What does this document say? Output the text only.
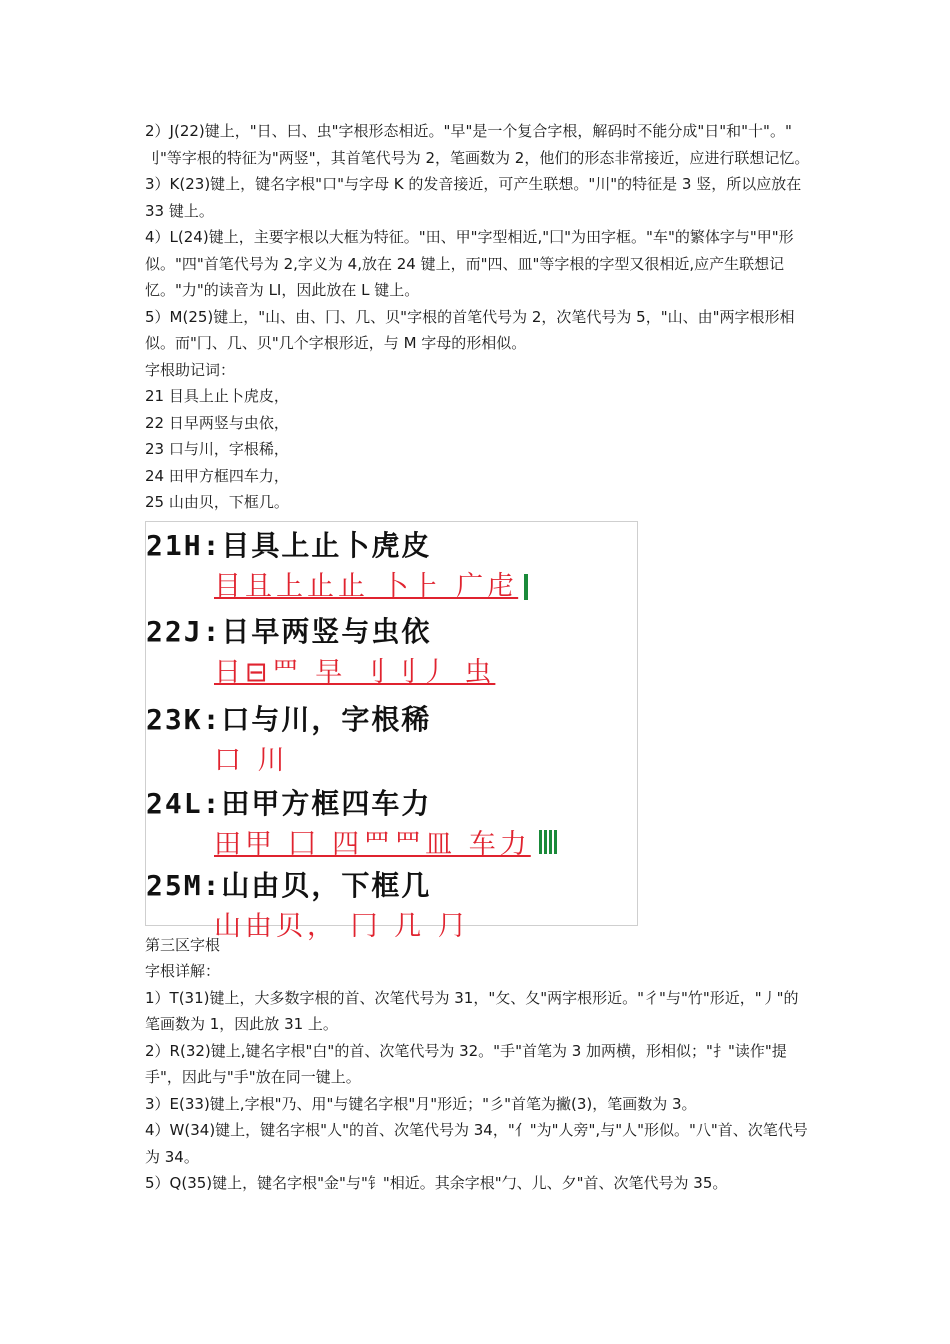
2）J(22)键上，"日、曰、虫"字根形态相近。"早"是一个复合字根，解码时不能分成"日"和"十"。" 刂"等字根的特征为"两竖"，其首笔代号为 2，笔画数为 2，他们的形态非常接近，应进行联想记忆。

3）K(23)键上，键名字根"口"与字母 K 的发音接近，可产生联想。"川"的特征是 3 竖，所以应放在 33 键上。

4）L(24)键上，主要字根以大框为特征。"田、甲"字型相近,"囗"为田字框。"车"的繁体字与"甲"形似。"四"首笔代号为 2,字义为 4,放在 24 键上，而"四、皿"等字根的字型又很相近,应产生联想记忆。"力"的读音为 LI，因此放在 L 键上。

5）M(25)键上，"山、由、冂、几、贝"字根的首笔代号为 2，次笔代号为 5，"山、由"两字根形相似。而"冂、几、贝"几个字根形近，与 M 字母的形相似。

字根助记词：

21 目具上止卜虎皮，

22 日早两竖与虫依，

23 口与川，字根稀，

24 田甲方框四车力，

25 山由贝，下框几。

21H:目具上止卜虎皮
目且上止止 卜⺊ 广虍
22J:日早两竖与虫依
日⊟罒 早 刂刂丿 虫
23K:口与川，字根稀
口 川
24L:田甲方框四车力
田甲 囗 四罒罒皿 车力
25M:山由贝，下框几
山由贝， 冂 几 ⺆

第三区字根

字根详解：

1）T(31)键上，大多数字根的首、次笔代号为 31，"攵、夂"两字根形近。"彳"与"竹"形近，"丿"的笔画数为 1，因此放 31 上。

2）R(32)键上,键名字根"白"的首、次笔代号为 32。"手"首笔为 3 加两横，形相似；"扌"读作"提手"，因此与"手"放在同一键上。

3）E(33)键上,字根"乃、用"与键名字根"月"形近；"彡"首笔为撇(3)，笔画数为 3。

4）W(34)键上，键名字根"人"的首、次笔代号为 34，"亻"为"人旁",与"人"形似。"八"首、次笔代号为 34。

5）Q(35)键上，键名字根"金"与"钅"相近。其余字根"勹、儿、夕"首、次笔代号为 35。
